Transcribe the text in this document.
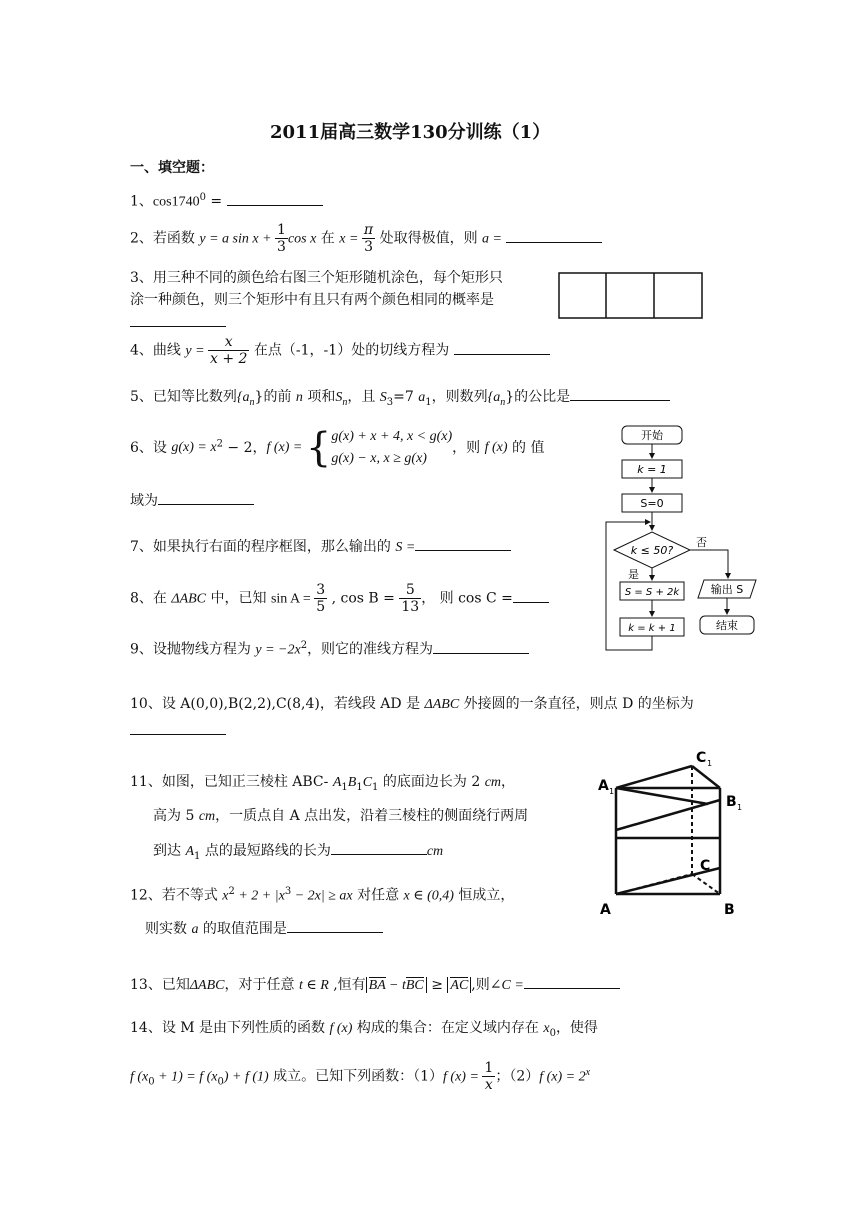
2011届高三数学130分训练（1）
一、填空题：
1、$\cos 1740^0$ =
2、若函数 y = a $\sin x + \frac{1}{3}$ cos x 在 $x = \frac{\pi}{3}$ 处取得极值，则 a =
3、用三种不同的颜色给右图三个矩形随机涂色，每个矩形只
涂一种颜色，则三个矩形中有且只有两个颜色相同的概率是
4、曲线 $y = \frac{x}{x + 2}$ 在点（-1，-1）处的切线方程为
5、已知等比数列$\{a_n\}$的前 n 项和$S_n$，且 $S_3=7$ $a_1$，则数列$\{a_n\}$的公比是
6、设 $g(x) = x^2 - 2$，f (x) = { g(x) + x + 4, x < g(x)
g(x) − x, x ≥ g(x)
，则 f (x) 的 值
域为
7、如果执行右面的程序框图，那么输出的 S =
8、在 ΔABC 中，已知 $\sin A = \frac{3}{5}$ , $\cos B = \frac{5}{13}$ ， 则 cos C =
9、设抛物线方程为 $y = -2x^2$，则它的准线方程为
开始
k = 1
S=0
k ≤ 50?
否
是
S = S + 2k
k = k + 1
输出 S
结束
10、设 A(0,0),B(2,2),C(8,4)，若线段 AD 是 ΔABC 外接圆的一条直径，则点 D 的坐标为
11、如图，已知正三棱柱 ABC- $A_1B_1C_1$ 的底面边长为 2 cm，
高为 5 cm，一质点自 A 点出发，沿着三棱柱的侧面绕行两周
到达 $A_1$ 点的最短路线的长为	cm
A	B
C
A 1
B 1
C 1
12、若不等式 $x^2 + 2 + |x^3 - 2x|$ ≥ ax 对任意 x ∈ (0,4) 恒成立，
则实数 a 的取值范围是
13、已知ΔABC，对于任意 t ∈ R ,恒有 BA − tBC ≥ AC ,则∠C =
14、设 M 是由下列性质的函数 f (x) 构成的集合：在定义域内存在 $x_0$，使得
f $(x_0 + 1) = f$ $(x_0) + f$ (1) 成立。已知下列函数：（1）f $(x) = \frac{1}{x}$ ；（2）f $(x) = 2^x$
